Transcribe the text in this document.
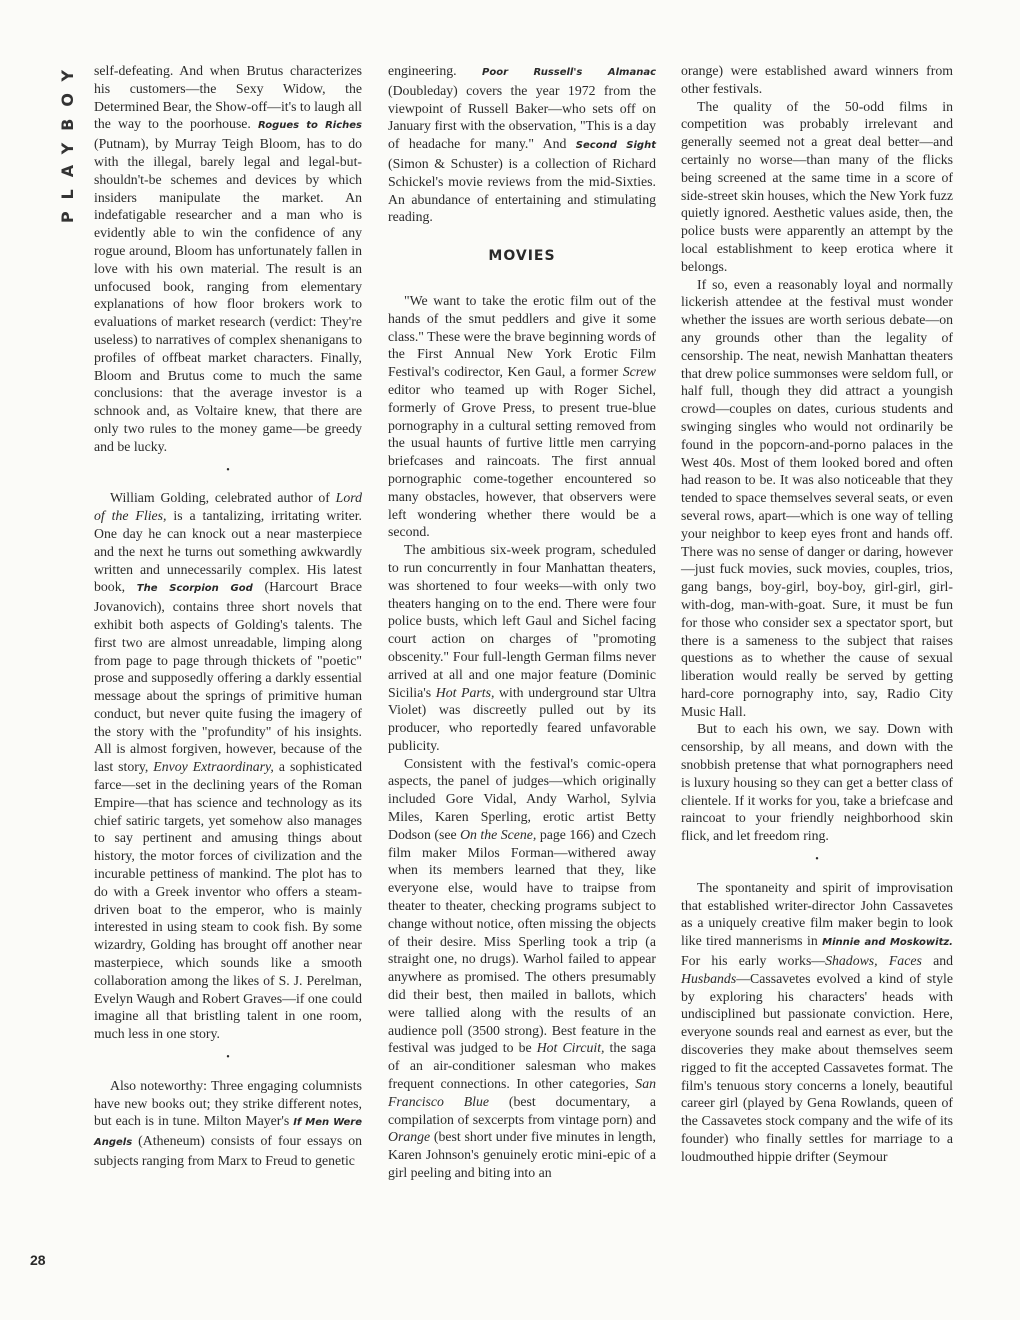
PLAYBOY
28

self-defeating. And when Brutus characterizes his customers—the Sexy Widow, the Determined Bear, the Show-off—it's to laugh all the way to the poorhouse. Rogues to Riches (Putnam), by Murray Teigh Bloom, has to do with the illegal, barely legal and legal-but-shouldn't-be schemes and devices by which insiders manipulate the market. An indefatigable researcher and a man who is evidently able to win the confidence of any rogue around, Bloom has unfortunately fallen in love with his own material. The result is an unfocused book, ranging from elementary explanations of how floor brokers work to evaluations of market research (verdict: They're useless) to narratives of complex shenanigans to profiles of offbeat market characters. Finally, Bloom and Brutus come to much the same conclusions: that the average investor is a schnook and, as Voltaire knew, that there are only two rules to the money game—be greedy and be lucky.

•

William Golding, celebrated author of Lord of the Flies, is a tantalizing, irritating writer. One day he can knock out a near masterpiece and the next he turns out something awkwardly written and unnecessarily complex. His latest book, The Scorpion God (Harcourt Brace Jovanovich), contains three short novels that exhibit both aspects of Golding's talents. The first two are almost unreadable, limping along from page to page through thickets of "poetic" prose and supposedly offering a darkly essential message about the springs of primitive human conduct, but never quite fusing the imagery of the story with the "profundity" of his insights. All is almost forgiven, however, because of the last story, Envoy Extraordinary, a sophisticated farce—set in the declining years of the Roman Empire—that has science and technology as its chief satiric targets, yet somehow also manages to say pertinent and amusing things about history, the motor forces of civilization and the incurable pettiness of mankind. The plot has to do with a Greek inventor who offers a steam-driven boat to the emperor, who is mainly interested in using steam to cook fish. By some wizardry, Golding has brought off another near masterpiece, which sounds like a smooth collaboration among the likes of S. J. Perelman, Evelyn Waugh and Robert Graves—if one could imagine all that bristling talent in one room, much less in one story.

•

Also noteworthy: Three engaging columnists have new books out; they strike different notes, but each is in tune. Milton Mayer's If Men Were Angels (Atheneum) consists of four essays on subjects ranging from Marx to Freud to genetic

engineering. Poor Russell's Almanac (Doubleday) covers the year 1972 from the viewpoint of Russell Baker—who sets off on January first with the observation, "This is a day of headache for many." And Second Sight (Simon & Schuster) is a collection of Richard Schickel's movie reviews from the mid-Sixties. An abundance of entertaining and stimulating reading.

MOVIES

"We want to take the erotic film out of the hands of the smut peddlers and give it some class." These were the brave beginning words of the First Annual New York Erotic Film Festival's codirector, Ken Gaul, a former Screw editor who teamed up with Roger Sichel, formerly of Grove Press, to present true-blue pornography in a cultural setting removed from the usual haunts of furtive little men carrying briefcases and raincoats. The first annual pornographic come-together encountered so many obstacles, however, that observers were left wondering whether there would be a second.

The ambitious six-week program, scheduled to run concurrently in four Manhattan theaters, was shortened to four weeks—with only two theaters hanging on to the end. There were four police busts, which left Gaul and Sichel facing court action on charges of "promoting obscenity." Four full-length German films never arrived at all and one major feature (Dominic Sicilia's Hot Parts, with underground star Ultra Violet) was discreetly pulled out by its producer, who reportedly feared unfavorable publicity.

Consistent with the festival's comic-opera aspects, the panel of judges—which originally included Gore Vidal, Andy Warhol, Sylvia Miles, Karen Sperling, erotic artist Betty Dodson (see On the Scene, page 166) and Czech film maker Milos Forman—withered away when its members learned that they, like everyone else, would have to traipse from theater to theater, checking programs subject to change without notice, often missing the objects of their desire. Miss Sperling took a trip (a straight one, no drugs). Warhol failed to appear anywhere as promised. The others presumably did their best, then mailed in ballots, which were tallied along with the results of an audience poll (3500 strong). Best feature in the festival was judged to be Hot Circuit, the saga of an air-conditioner salesman who makes frequent connections. In other categories, San Francisco Blue (best documentary, a compilation of sexcerpts from vintage porn) and Orange (best short under five minutes in length, Karen Johnson's genuinely erotic mini-epic of a girl peeling and biting into an

orange) were established award winners from other festivals.

The quality of the 50-odd films in competition was probably irrelevant and generally seemed not a great deal better—and certainly no worse—than many of the flicks being screened at the same time in a score of side-street skin houses, which the New York fuzz quietly ignored. Aesthetic values aside, then, the police busts were apparently an attempt by the local establishment to keep erotica where it belongs.

If so, even a reasonably loyal and normally lickerish attendee at the festival must wonder whether the issues are worth serious debate—on any grounds other than the legality of censorship. The neat, newish Manhattan theaters that drew police summonses were seldom full, or half full, though they did attract a youngish crowd—couples on dates, curious students and swinging singles who would not ordinarily be found in the popcorn-and-porno palaces in the West 40s. Most of them looked bored and often had reason to be. It was also noticeable that they tended to space themselves several seats, or even several rows, apart—which is one way of telling your neighbor to keep eyes front and hands off. There was no sense of danger or daring, however—just fuck movies, suck movies, couples, trios, gang bangs, boy-girl, boy-boy, girl-girl, girl-with-dog, man-with-goat. Sure, it must be fun for those who consider sex a spectator sport, but there is a sameness to the subject that raises questions as to whether the cause of sexual liberation would really be served by getting hard-core pornography into, say, Radio City Music Hall.

But to each his own, we say. Down with censorship, by all means, and down with the snobbish pretense that what pornographers need is luxury housing so they can get a better class of clientele. If it works for you, take a briefcase and raincoat to your friendly neighborhood skin flick, and let freedom ring.

•

The spontaneity and spirit of improvisation that established writer-director John Cassavetes as a uniquely creative film maker begin to look like tired mannerisms in Minnie and Moskowitz. For his early works—Shadows, Faces and Husbands—Cassavetes evolved a kind of style by exploring his characters' heads with undisciplined but passionate conviction. Here, everyone sounds real and earnest as ever, but the discoveries they make about themselves seem rigged to fit the accepted Cassavetes format. The film's tenuous story concerns a lonely, beautiful career girl (played by Gena Rowlands, queen of the Cassavetes stock company and the wife of its founder) who finally settles for marriage to a loudmouthed hippie drifter (Seymour
